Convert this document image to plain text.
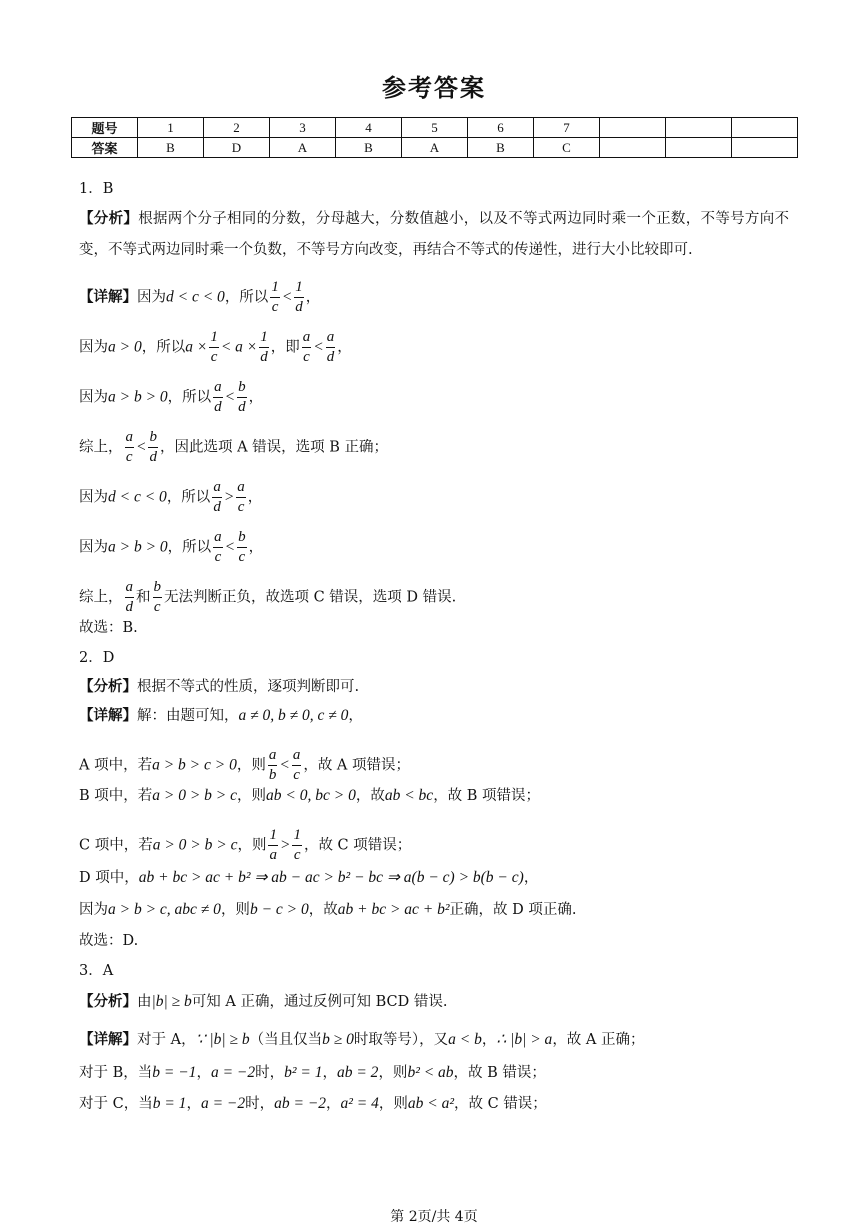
参考答案
题号	1	2	3	4	5	6	7			
答案	B	D	A	B	A	B	C			
1．B
【分析】根据两个分子相同的分数，分母越大，分数值越小，以及不等式两边同时乘一个正数，不等号方向不变，不等式两边同时乘一个负数，不等号方向改变，再结合不等式的传递性，进行大小比较即可.
【详解】因为d < c < 0，所以 $\frac{1}{c} < \frac{1}{d}$ ，
因为a > 0，所以$a \times \frac{1}{c} < a \times \frac{1}{d}$ ，即 $\frac{a}{c} < \frac{a}{d}$ ，
因为a > b > 0，所以 $\frac{a}{d} < \frac{b}{d}$ ，
综上， $\frac{a}{c} < \frac{b}{d}$ ，因此选项 A 错误，选项 B 正确；
因为d < c < 0，所以 $\frac{a}{d} > \frac{a}{c}$ ，
因为a > b > 0，所以 $\frac{a}{c} < \frac{b}{c}$ ，
综上， $\frac{a}{d}$ 和 $\frac{b}{c}$ 无法判断正负，故选项 C 错误，选项 D 错误.
故选：B.
2．D
【分析】根据不等式的性质，逐项判断即可.
【详解】解：由题可知，a ≠ 0, b ≠ 0, c ≠ 0，
A 项中，若a > b > c > 0，则 $\frac{a}{b} < \frac{a}{c}$ ，故 A 项错误；
B 项中，若a > 0 > b > c，则ab < 0, bc > 0，故ab < bc，故 B 项错误；
C 项中，若a > 0 > b > c，则 $\frac{1}{a} > \frac{1}{c}$ ，故 C 项错误；
D 项中，ab + bc > ac + b² ⇒ ab − ac > b² − bc ⇒ a(b − c) > b(b − c)，
因为a > b > c, abc ≠ 0，则b − c > 0，故ab + bc > ac + b²正确，故 D 项正确.
故选：D.
3．A
【分析】由|b| ≥ b可知 A 正确，通过反例可知 BCD 错误.
【详解】对于 A，∵ |b| ≥ b（当且仅当b ≥ 0时取等号），又a < b，∴ |b| > a，故 A 正确；
对于 B，当b = −1，a = −2时，b² = 1，ab = 2，则b² < ab，故 B 错误；
对于 C，当b = 1，a = −2时，ab = −2，a² = 4，则ab < a²，故 C 错误；
第 2页/共 4页
